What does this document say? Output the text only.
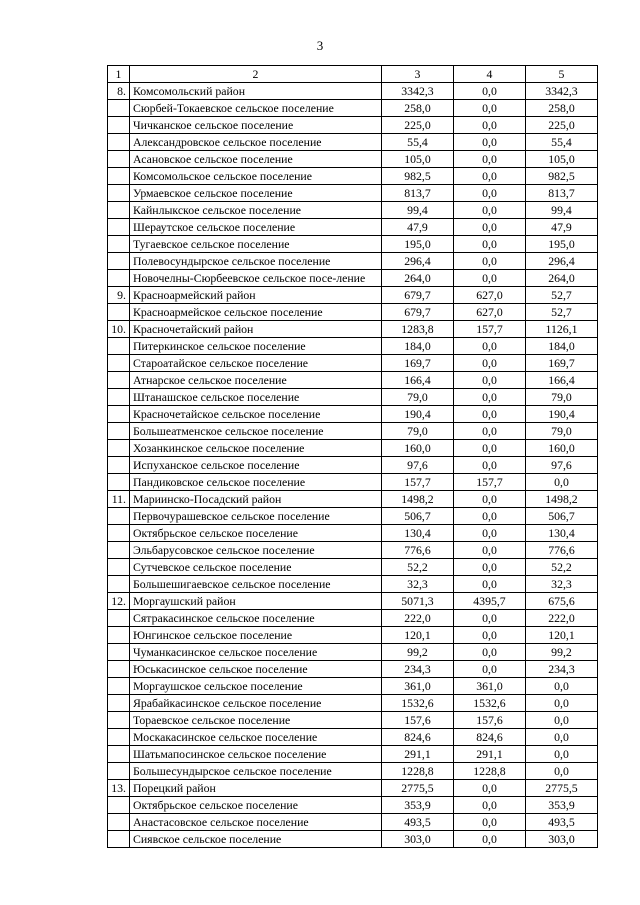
3
1	2	3	4	5
8.	Комсомольский район	3342,3	0,0	3342,3
	Сюрбей-Токаевское сельское поселение	258,0	0,0	258,0
	Чичканское сельское поселение	225,0	0,0	225,0
	Александровское сельское поселение	55,4	0,0	55,4
	Асановское сельское поселение	105,0	0,0	105,0
	Комсомольское сельское поселение	982,5	0,0	982,5
	Урмаевское сельское поселение	813,7	0,0	813,7
	Кайнлыкское сельское поселение	99,4	0,0	99,4
	Шераутское сельское поселение	47,9	0,0	47,9
	Тугаевское сельское поселение	195,0	0,0	195,0
	Полевосундырское сельское поселение	296,4	0,0	296,4
	Новочелны-Сюрбеевское сельское посе-ление	264,0	0,0	264,0
9.	Красноармейский район	679,7	627,0	52,7
	Красноармейское сельское поселение	679,7	627,0	52,7
10.	Красночетайский район	1283,8	157,7	1126,1
	Питеркинское сельское поселение	184,0	0,0	184,0
	Староатайское сельское поселение	169,7	0,0	169,7
	Атнарское сельское поселение	166,4	0,0	166,4
	Штанашское сельское поселение	79,0	0,0	79,0
	Красночетайское сельское поселение	190,4	0,0	190,4
	Большеатменское сельское поселение	79,0	0,0	79,0
	Хозанкинское сельское поселение	160,0	0,0	160,0
	Испуханское сельское поселение	97,6	0,0	97,6
	Пандиковское сельское поселение	157,7	157,7	0,0
11.	Мариинско-Посадский район	1498,2	0,0	1498,2
	Первочурашевское сельское поселение	506,7	0,0	506,7
	Октябрьское сельское поселение	130,4	0,0	130,4
	Эльбарусовское сельское поселение	776,6	0,0	776,6
	Сутчевское сельское поселение	52,2	0,0	52,2
	Большешигаевское сельское поселение	32,3	0,0	32,3
12.	Моргаушский район	5071,3	4395,7	675,6
	Сятракасинское сельское поселение	222,0	0,0	222,0
	Юнгинское сельское поселение	120,1	0,0	120,1
	Чуманкасинское сельское поселение	99,2	0,0	99,2
	Юськасинское сельское поселение	234,3	0,0	234,3
	Моргаушское сельское поселение	361,0	361,0	0,0
	Ярабайкасинское сельское поселение	1532,6	1532,6	0,0
	Тораевское сельское поселение	157,6	157,6	0,0
	Москакасинское сельское поселение	824,6	824,6	0,0
	Шатьмапосинское сельское поселение	291,1	291,1	0,0
	Большесундырское сельское поселение	1228,8	1228,8	0,0
13.	Порецкий район	2775,5	0,0	2775,5
	Октябрьское сельское поселение	353,9	0,0	353,9
	Анастасовское сельское поселение	493,5	0,0	493,5
	Сиявское сельское поселение	303,0	0,0	303,0
